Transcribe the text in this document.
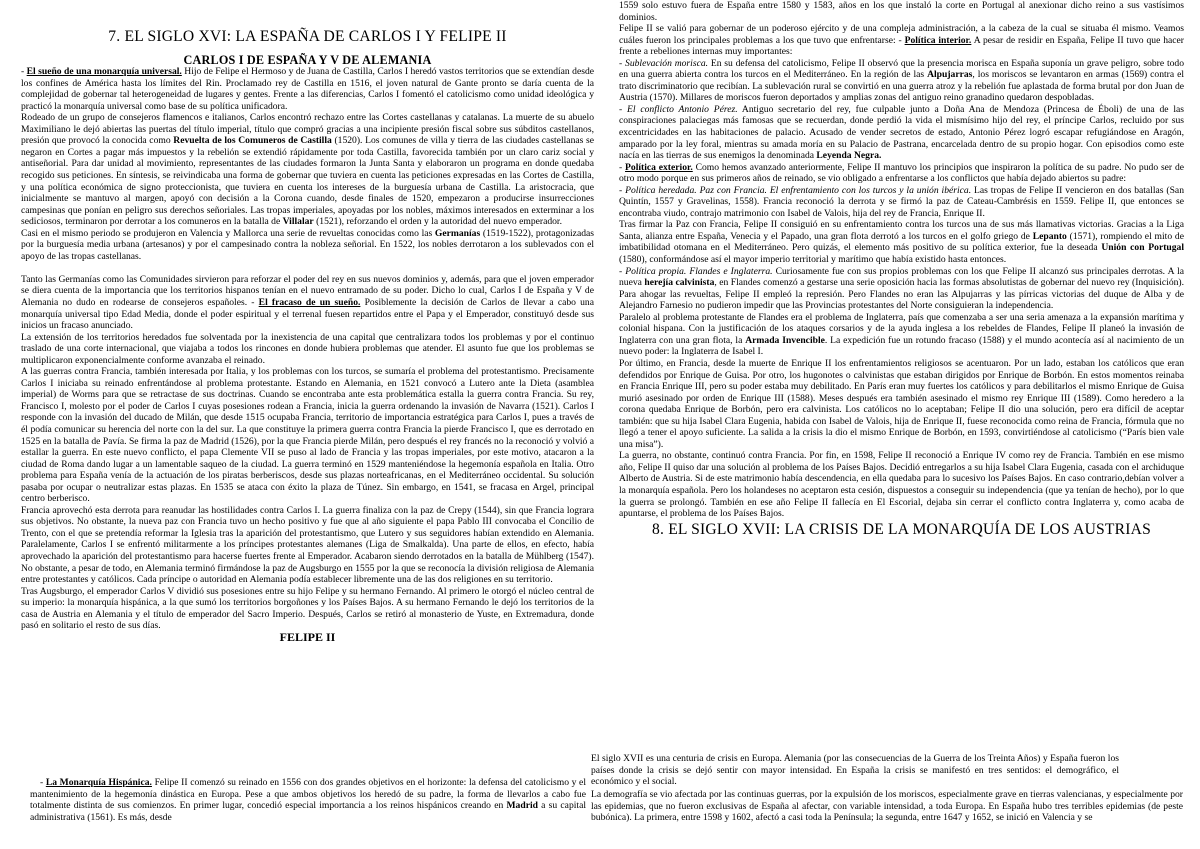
7. EL SIGLO XVI: LA ESPAÑA DE CARLOS I Y FELIPE II
CARLOS I DE ESPAÑA Y V DE ALEMANIA

- El sueño de una monarquía universal. Hijo de Felipe el Hermoso y de Juana de Castilla, Carlos I heredó vastos territorios que se extendían desde los confines de América hasta los límites del Rin. Proclamado rey de Castilla en 1516, el joven natural de Gante pronto se daría cuenta de la complejidad de gobernar tal heterogeneidad de lugares y gentes. Frente a las diferencias, Carlos I fomentó el catolicismo como unidad ideológica y practicó la monarquía universal como base de su política unificadora.

Rodeado de un grupo de consejeros flamencos e italianos, Carlos encontró rechazo entre las Cortes castellanas y catalanas. La muerte de su abuelo Maximiliano le dejó abiertas las puertas del título imperial, título que compró gracias a una incipiente presión fiscal sobre sus súbditos castellanos, presión que provocó la conocida como Revuelta de los Comuneros de Castilla (1520). Los comunes de villa y tierra de las ciudades castellanas se negaron en Cortes a pagar más impuestos y la rebelión se extendió rápidamente por toda Castilla, favorecida también por un claro cariz social y antiseñorial. Para dar unidad al movimiento, representantes de las ciudades formaron la Junta Santa y elaboraron un programa en donde quedaba recogido sus peticiones. En síntesis, se reivindicaba una forma de gobernar que tuviera en cuenta las peticiones expresadas en las Cortes de Castilla, y una política económica de signo proteccionista, que tuviera en cuenta los intereses de la burguesía urbana de Castilla. La aristocracia, que inicialmente se mantuvo al margen, apoyó con decisión a la Corona cuando, desde finales de 1520, empezaron a producirse insurrecciones campesinas que ponían en peligro sus derechos señoriales. Las tropas imperiales, apoyadas por los nobles, máximos interesados en exterminar a los sediciosos, terminaron por derrotar a los comuneros en la batalla de Villalar (1521), reforzando el orden y la autoridad del nuevo emperador.

Casi en el mismo periodo se produjeron en Valencia y Mallorca una serie de revueltas conocidas como las Germanías (1519-1522), protagonizadas por la burguesía media urbana (artesanos) y por el campesinado contra la nobleza señorial. En 1522, los nobles derrotaron a los sublevados con el apoyo de las tropas castellanas.

Tanto las Germanías como las Comunidades sirvieron para reforzar el poder del rey en sus nuevos dominios y, además, para que el joven emperador se diera cuenta de la importancia que los territorios hispanos tenían en el nuevo entramado de su poder. Dicho lo cual, Carlos I de España y V de Alemania no dudo en rodearse de consejeros españoles. - El fracaso de un sueño. Posiblemente la decisión de Carlos de llevar a cabo una monarquía universal tipo Edad Media, donde el poder espiritual y el terrenal fuesen repartidos entre el Papa y el Emperador, constituyó desde sus inicios un fracaso anunciado.

La extensión de los territorios heredados fue solventada por la inexistencia de una capital que centralizara todos los problemas y por el continuo traslado de una corte internacional, que viajaba a todos los rincones en donde hubiera problemas que atender. El asunto fue que los problemas se multiplicaron exponencialmente conforme avanzaba el reinado.

A las guerras contra Francia, también interesada por Italia, y los problemas con los turcos, se sumaría el problema del protestantismo. Precisamente Carlos I iniciaba su reinado enfrentándose al problema protestante. Estando en Alemania, en 1521 convocó a Lutero ante la Dieta (asamblea imperial) de Worms para que se retractase de sus doctrinas. Cuando se encontraba ante esta problemática estalla la guerra contra Francia. Su rey, Francisco I, molesto por el poder de Carlos I cuyas posesiones rodean a Francia, inicia la guerra ordenando la invasión de Navarra (1521). Carlos I responde con la invasión del ducado de Milán, que desde 1515 ocupaba Francia, territorio de importancia estratégica para Carlos I, pues a través de él podía comunicar su herencia del norte con la del sur. La que constituye la primera guerra contra Francia la pierde Francisco I, que es derrotado en 1525 en la batalla de Pavía. Se firma la paz de Madrid (1526), por la que Francia pierde Milán, pero después el rey francés no la reconoció y volvió a estallar la guerra. En este nuevo conflicto, el papa Clemente VII se puso al lado de Francia y las tropas imperiales, por este motivo, atacaron a la ciudad de Roma dando lugar a un lamentable saqueo de la ciudad. La guerra terminó en 1529 manteniéndose la hegemonía española en Italia. Otro problema para España venía de la actuación de los piratas berberiscos, desde sus plazas norteafricanas, en el Mediterráneo occidental. Su solución pasaba por ocupar o neutralizar estas plazas. En 1535 se ataca con éxito la plaza de Túnez. Sin embargo, en 1541, se fracasa en Argel, principal centro berberisco.

Francia aprovechó esta derrota para reanudar las hostilidades contra Carlos I. La guerra finaliza con la paz de Crepy (1544), sin que Francia lograra sus objetivos. No obstante, la nueva paz con Francia tuvo un hecho positivo y fue que al año siguiente el papa Pablo III convocaba el Concilio de Trento, con el que se pretendía reformar la Iglesia tras la aparición del protestantismo, que Lutero y sus seguidores habían extendido en Alemania. Paralelamente, Carlos I se enfrentó militarmente a los príncipes protestantes alemanes (Liga de Smalkalda). Una parte de ellos, en efecto, había aprovechado la aparición del protestantismo para hacerse fuertes frente al Emperador. Acabaron siendo derrotados en la batalla de Mühlberg (1547). No obstante, a pesar de todo, en Alemania terminó firmándose la paz de Augsburgo en 1555 por la que se reconocía la división religiosa de Alemania entre protestantes y católicos. Cada príncipe o autoridad en Alemania podía establecer libremente una de las dos religiones en su territorio.

Tras Augsburgo, el emperador Carlos V dividió sus posesiones entre su hijo Felipe y su hermano Fernando. Al primero le otorgó el núcleo central de su imperio: la monarquía hispánica, a la que sumó los territorios borgoñones y los Países Bajos. A su hermano Fernando le dejó los territorios de la casa de Austria en Alemania y el título de emperador del Sacro Imperio. Después, Carlos se retiró al monasterio de Yuste, en Extremadura, donde pasó en solitario el resto de sus días.

FELIPE II

1559 solo estuvo fuera de España entre 1580 y 1583, años en los que instaló la corte en Portugal al anexionar dicho reino a sus vastísimos dominios.

Felipe II se valió para gobernar de un poderoso ejército y de una compleja administración, a la cabeza de la cual se situaba él mismo. Veamos cuáles fueron los principales problemas a los que tuvo que enfrentarse: - Política interior. A pesar de residir en España, Felipe II tuvo que hacer frente a rebeliones internas muy importantes:

- Sublevación morisca. En su defensa del catolicismo, Felipe II observó que la presencia morisca en España suponía un grave peligro, sobre todo en una guerra abierta contra los turcos en el Mediterráneo. En la región de las Alpujarras, los moriscos se levantaron en armas (1569) contra el trato discriminatorio que recibían. La sublevación rural se convirtió en una guerra atroz y la rebelión fue aplastada de forma brutal por don Juan de Austria (1570). Millares de moriscos fueron deportados y amplias zonas del antiguo reino granadino quedaron despobladas.

- El conflicto Antonio Pérez. Antiguo secretario del rey, fue culpable junto a Doña Ana de Mendoza (Princesa de Éboli) de una de las conspiraciones palaciegas más famosas que se recuerdan, donde perdió la vida el mismísimo hijo del rey, el príncipe Carlos, recluido por sus excentricidades en las habitaciones de palacio. Acusado de vender secretos de estado, Antonio Pérez logró escapar refugiándose en Aragón, amparado por la ley foral, mientras su amada moría en su Palacio de Pastrana, encarcelada dentro de su propio hogar. Con episodios como este nacía en las tierras de sus enemigos la denominada Leyenda Negra.

- Política exterior. Como hemos avanzado anteriormente, Felipe II mantuvo los principios que inspiraron la política de su padre. No pudo ser de otro modo porque en sus primeros años de reinado, se vio obligado a enfrentarse a los conflictos que había dejado abiertos su padre:

- Política heredada. Paz con Francia. El enfrentamiento con los turcos y la unión ibérica. Las tropas de Felipe II vencieron en dos batallas (San Quintín, 1557 y Gravelinas, 1558). Francia reconoció la derrota y se firmó la paz de Cateau-Cambrésis en 1559. Felipe II, que entonces se encontraba viudo, contrajo matrimonio con Isabel de Valois, hija del rey de Francia, Enrique II.

Tras firmar la Paz con Francia, Felipe II consiguió en su enfrentamiento contra los turcos una de sus más llamativas victorias. Gracias a la Liga Santa, alianza entre España, Venecia y el Papado, una gran flota derrotó a los turcos en el golfo griego de Lepanto (1571), rompiendo el mito de imbatibilidad otomana en el Mediterráneo. Pero quizás, el elemento más positivo de su política exterior, fue la deseada Unión con Portugal (1580), conformándose así el mayor imperio territorial y marítimo que había existido hasta entonces.

- Política propia. Flandes e Inglaterra. Curiosamente fue con sus propios problemas con los que Felipe II alcanzó sus principales derrotas. A la nueva herejía calvinista, en Flandes comenzó a gestarse una serie oposición hacia las formas absolutistas de gobernar del nuevo rey (Inquisición). Para ahogar las revueltas, Felipe II empleó la represión. Pero Flandes no eran las Alpujarras y las pírricas victorias del duque de Alba y de Alejandro Farnesio no pudieron impedir que las Provincias protestantes del Norte consiguieran la independencia.

Paralelo al problema protestante de Flandes era el problema de Inglaterra, país que comenzaba a ser una seria amenaza a la expansión marítima y colonial hispana. Con la justificación de los ataques corsarios y de la ayuda inglesa a los rebeldes de Flandes, Felipe II planeó la invasión de Inglaterra con una gran flota, la Armada Invencible. La expedición fue un rotundo fracaso (1588) y el mundo acontecía así al nacimiento de un nuevo poder: la Inglaterra de Isabel I.

Por último, en Francia, desde la muerte de Enrique II los enfrentamientos religiosos se acentuaron. Por un lado, estaban los católicos que eran defendidos por Enrique de Guisa. Por otro, los hugonotes o calvinistas que estaban dirigidos por Enrique de Borbón. En estos momentos reinaba en Francia Enrique III, pero su poder estaba muy debilitado. En París eran muy fuertes los católicos y para debilitarlos el mismo Enrique de Guisa murió asesinado por orden de Enrique III (1588). Meses después era también asesinado el mismo rey Enrique III (1589). Como heredero a la corona quedaba Enrique de Borbón, pero era calvinista. Los católicos no lo aceptaban; Felipe II dio una solución, pero era difícil de aceptar también: que su hija Isabel Clara Eugenia, habida con Isabel de Valois, hija de Enrique II, fuese reconocida como reina de Francia, fórmula que no llegó a tener el apoyo suficiente. La salida a la crisis la dio el mismo Enrique de Borbón, en 1593, convirtiéndose al catolicismo (“París bien vale una misa”).

La guerra, no obstante, continuó contra Francia. Por fin, en 1598, Felipe II reconoció a Enrique IV como rey de Francia. También en ese mismo año, Felipe II quiso dar una solución al problema de los Países Bajos. Decidió entregarlos a su hija Isabel Clara Eugenia, casada con el archiduque Alberto de Austria. Si de este matrimonio había descendencia, en ella quedaba para lo sucesivo los Países Bajos. En caso contrario,debían volver a la monarquía española. Pero los holandeses no aceptaron esta cesión, dispuestos a conseguir su independencia (que ya tenían de hecho), por lo que la guerra se prolongó. También en ese año Felipe II fallecía en El Escorial, dejaba sin cerrar el conflicto contra Inglaterra y, como acaba de apuntarse, el problema de los Países Bajos.

8. EL SIGLO XVII: LA CRISIS DE LA MONARQUÍA DE LOS AUSTRIAS
- La Monarquía Hispánica. Felipe II comenzó su reinado en 1556 con dos grandes objetivos en el horizonte: la defensa del catolicismo y el mantenimiento de la hegemonía dinástica en Europa. Pese a que ambos objetivos los heredó de su padre, la forma de llevarlos a cabo fue totalmente distinta de sus comienzos. En primer lugar, concedió especial importancia a los reinos hispánicos creando en Madrid a su capital administrativa (1561). Es más, desde
El siglo XVII es una centuria de crisis en Europa. Alemania (por las consecuencias de la Guerra de los Treinta Años) y España fueron los países donde la crisis se dejó sentir con mayor intensidad. En España la crisis se manifestó en tres sentidos: el demográfico, el económico y el social.
La demografía se vio afectada por las continuas guerras, por la expulsión de los moriscos, especialmente grave en tierras valencianas, y especialmente por las epidemias, que no fueron exclusivas de España al afectar, con variable intensidad, a toda Europa. En España hubo tres terribles epidemias (de peste bubónica). La primera, entre 1598 y 1602, afectó a casi toda la Península; la segunda, entre 1647 y 1652, se inició en Valencia y se
